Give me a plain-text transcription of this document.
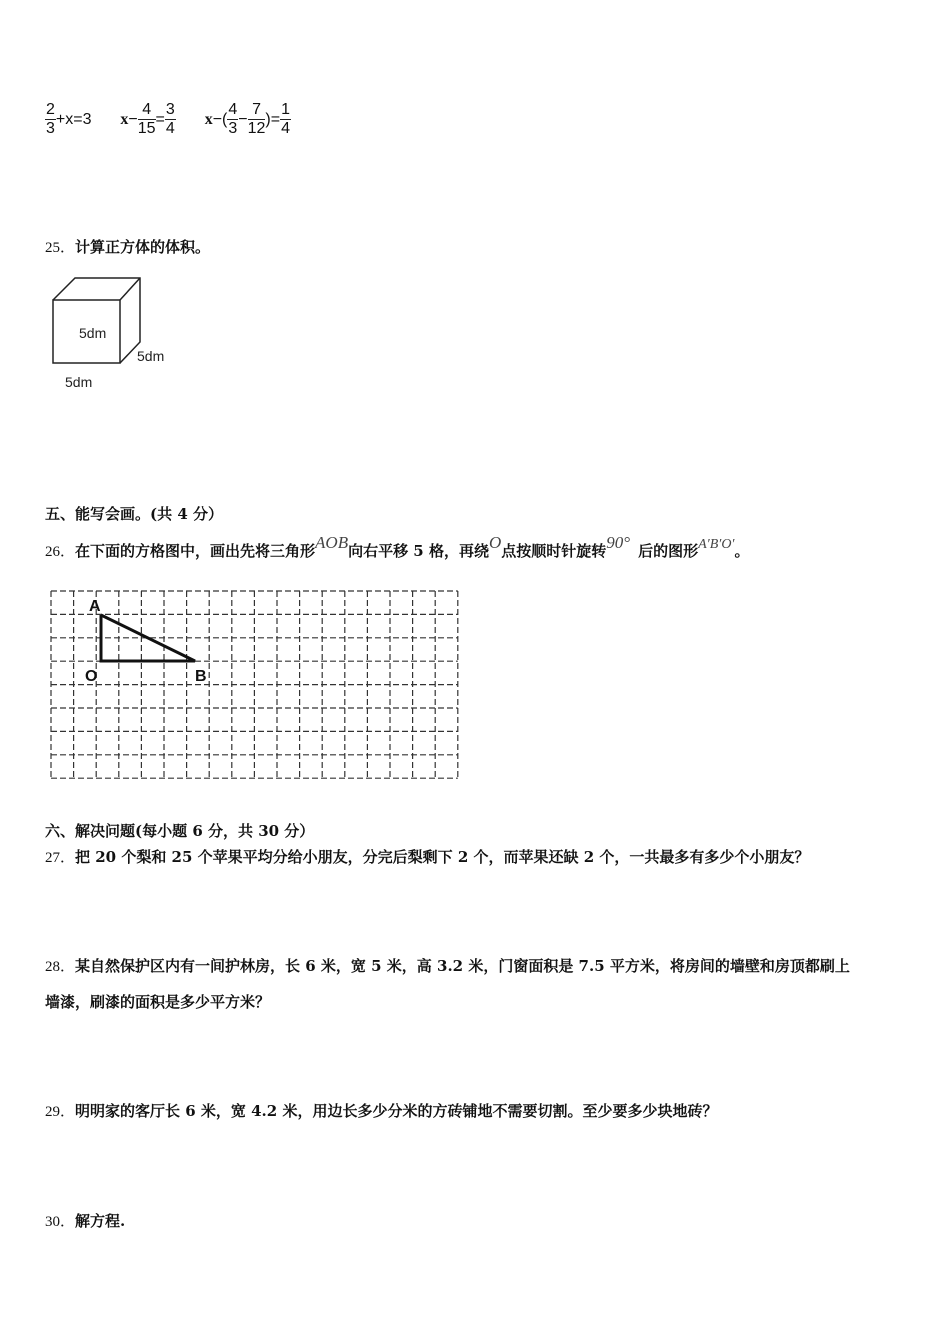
$\frac{2}{3} +x=3$ $x- \frac{4}{15} = \frac{3}{4} x-( \frac{4}{3} - \frac{7}{12}$ )= $\frac{1}{4}$
25．计算正方体的体积。
5dm
5dm
5dm
五、能写会画。(共 4 分）
26．在下面的方格图中，画出先将三角形AOB向右平移 5 格，再绕O点按顺时针旋转90° 后的图形A′B′O′。
A
O	B
六、解决问题(每小题 6 分，共 30 分）
27．把 20 个梨和 25 个苹果平均分给小朋友，分完后梨剩下 2 个，而苹果还缺 2 个，一共最多有多少个小朋友？
28．某自然保护区内有一间护林房，长 6 米，宽 5 米，高 3.2 米，门窗面积是 7.5 平方米，将房间的墙壁和房顶都刷上
墙漆，刷漆的面积是多少平方米？
29．明明家的客厅长 6 米，宽 4.2 米，用边长多少分米的方砖铺地不需要切割。至少要多少块地砖？
30．解方程.
